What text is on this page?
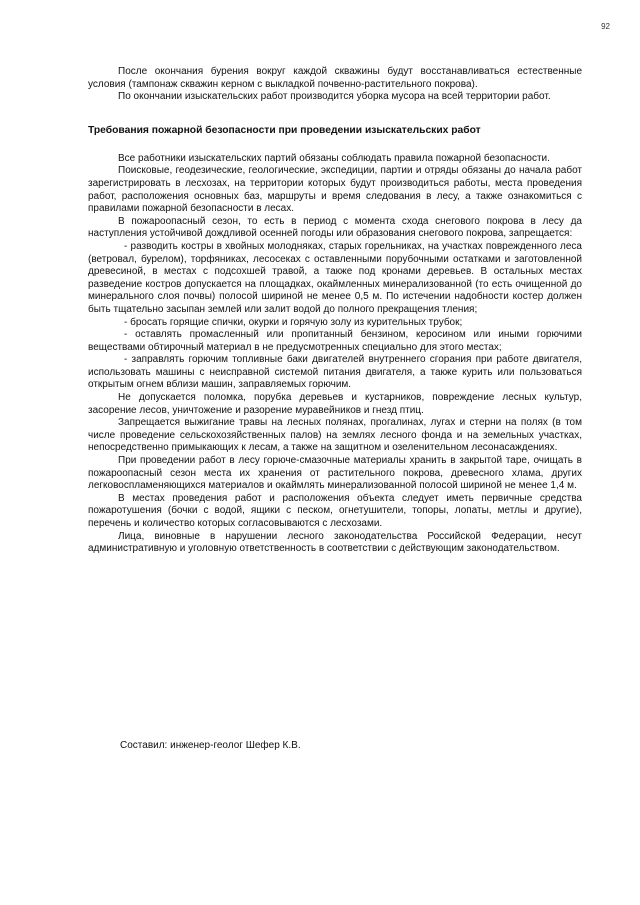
92

После окончания бурения вокруг каждой скважины будут восстанавливаться естественные условия (тампонаж скважин керном с выкладкой почвенно-растительного покрова).

По окончании изыскательских работ производится уборка мусора на всей территории работ.

Требования пожарной безопасности при проведении изыскательских работ

Все работники изыскательских партий обязаны соблюдать правила пожарной безопасности.

Поисковые, геодезические, геологические, экспедиции, партии и отряды обязаны до начала работ зарегистрировать в лесхозах, на территории которых будут производиться работы, места проведения работ, расположения основных баз, маршруты и время следования в лесу, а также ознакомиться с правилами пожарной безопасности в лесах.

В пожароопасный сезон, то есть в период с момента схода снегового покрова в лесу да наступления устойчивой дождливой осенней погоды или образования снегового покрова, запрещается:

- разводить костры в хвойных молодняках, старых горельниках, на участках поврежденного леса (ветровал, бурелом), торфяниках, лесосеках с оставленными порубочными остатками и заготовленной древесиной, в местах с подсохшей травой, а также под кронами деревьев. В остальных местах разведение костров допускается на площадках, окаймленных минерализованной (то есть очищенной до минерального слоя почвы) полосой шириной не менее 0,5 м. По истечении надобности костер должен быть тщательно засыпан землей или залит водой до полного прекращения тления;

- бросать горящие спички, окурки и горячую золу из курительных трубок;

- оставлять промасленный или пропитанный бензином, керосином или иными горючими веществами обтирочный материал в не предусмотренных специально для этого местах;

- заправлять горючим топливные баки двигателей внутреннего сгорания при работе двигателя, использовать машины с неисправной системой питания двигателя, а также курить или пользоваться открытым огнем вблизи машин, заправляемых горючим.

Не допускается поломка, порубка деревьев и кустарников, повреждение лесных культур, засорение лесов, уничтожение и разорение муравейников и гнезд птиц.

Запрещается выжигание травы на лесных полянах, прогалинах, лугах и стерни на полях (в том числе проведение сельскохозяйственных палов) на землях лесного фонда и на земельных участках, непосредственно примыкающих к лесам, а также на защитном и озеленительном лесонасаждениях.

При проведении работ в лесу горюче-смазочные материалы хранить в закрытой таре, очищать в пожароопасный сезон места их хранения от растительного покрова, древесного хлама, других легковоспламеняющихся материалов и окаймлять минерализованной полосой шириной не менее 1,4 м.

В местах проведения работ и расположения объекта следует иметь первичные средства пожаротушения (бочки с водой, ящики с песком, огнетушители, топоры, лопаты, метлы и другие), перечень и количество которых согласовываются с лесхозами.

Лица, виновные в нарушении лесного законодательства Российской Федерации, несут административную и уголовную ответственность в соответствии с действующим законодательством.

Составил: инженер-геолог Шефер К.В.
